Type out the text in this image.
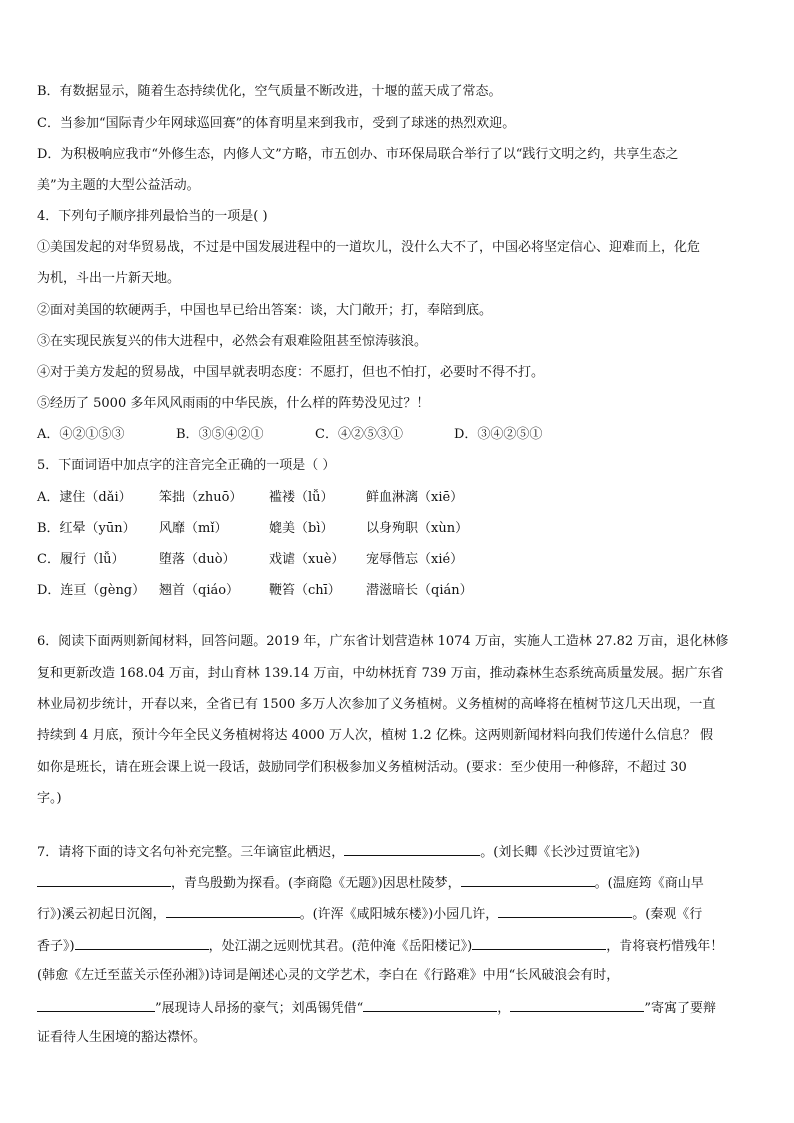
B．有数据显示，随着生态持续优化，空气质量不断改进，十堰的蓝天成了常态。
C．当参加“国际青少年网球巡回赛”的体育明星来到我市，受到了球迷的热烈欢迎。
D．为积极响应我市“外修生态，内修人文”方略，市五创办、市环保局联合举行了以“践行文明之约，共享生态之
美”为主题的大型公益活动。
4．下列句子顺序排列最恰当的一项是( )
①美国发起的对华贸易战，不过是中国发展进程中的一道坎儿，没什么大不了，中国必将坚定信心、迎难而上，化危
为机，斗出一片新天地。
②面对美国的软硬两手，中国也早已给出答案：谈，大门敞开；打，奉陪到底。
③在实现民族复兴的伟大进程中，必然会有艰难险阻甚至惊涛骇浪。
④对于美方发起的贸易战，中国早就表明态度：不愿打，但也不怕打，必要时不得不打。
⑤经历了 5000 多年风风雨雨的中华民族，什么样的阵势没见过？！
A．④②①⑤③	B．③⑤④②①	C．④②⑤③①	D．③④②⑤①
5．下面词语中加点字的注音完全正确的一项是（ ）
A．逮住（dǎi） 笨拙（zhuō） 褴褛（lǚ） 鲜血淋漓（xiē）
B．红晕（yūn） 风靡（mǐ）	媲美（bì）	以身殉职（xùn）
C．履行（lǚ）	堕落（duò）	戏谑（xuè） 宠辱偕忘（xié）
D．连亘（gèng） 翘首（qiáo） 鞭笞（chī） 潜滋暗长（qián）
6．阅读下面两则新闻材料，回答问题。2019 年，广东省计划营造林 1074 万亩，实施人工造林 27.82 万亩，退化林修
复和更新改造 168.04 万亩，封山育林 139.14 万亩，中幼林抚育 739 万亩，推动森林生态系统高质量发展。据广东省
林业局初步统计，开春以来，全省已有 1500 多万人次参加了义务植树。义务植树的高峰将在植树节这几天出现，一直
持续到 4 月底，预计今年全民义务植树将达 4000 万人次，植树 1.2 亿株。这两则新闻材料向我们传递什么信息？ 假
如你是班长，请在班会课上说一段话，鼓励同学们积极参加义务植树活动。(要求：至少使用一种修辞，不超过 30
字。)
7．请将下面的诗文名句补充完整。三年谪宦此栖迟，	。(刘长卿《长沙过贾谊宅》)
，青鸟殷勤为探看。(李商隐《无题》)因思杜陵梦，	。(温庭筠《商山早
行》)溪云初起日沉阁，	。(许浑《咸阳城东楼》)小园几许，	。(秦观《行
香子》)	，处江湖之远则忧其君。(范仲淹《岳阳楼记》)	，肯将衰朽惜残年！
(韩愈《左迁至蓝关示侄孙湘》)诗词是阐述心灵的文学艺术，李白在《行路难》中用“长风破浪会有时，
”展现诗人昂扬的豪气；刘禹锡凭借“	，	”寄寓了要辩
证看待人生困境的豁达襟怀。
